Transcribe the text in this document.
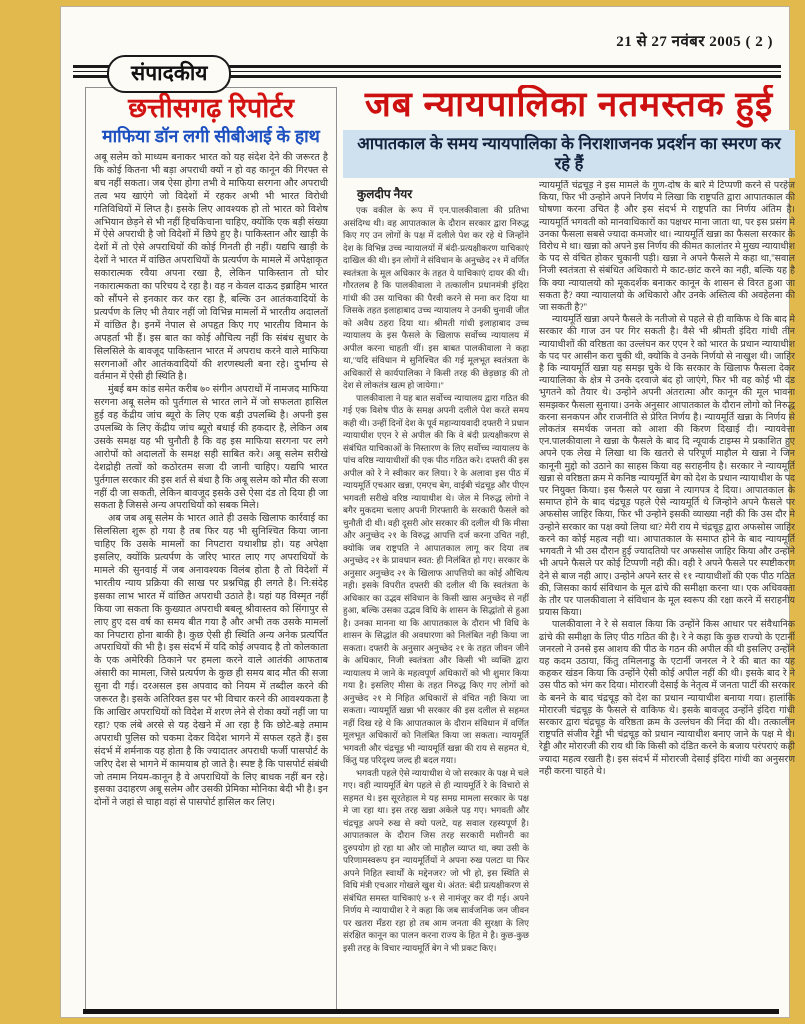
21 से 27 नवंबर 2005 ( 2 )
संपादकीय
छत्तीसगढ़ रिपोर्टर
माफिया डॉन लगी सीबीआई के हाथ

अबू सलेम को माध्यम बनाकर भारत को यह संदेश देने की जरूरत है कि कोई कितना भी बड़ा अपराधी क्यों न हो वह कानून की गिरफ्त से बच नहीं सकता। जब ऐसा होगा तभी वे माफिया सरगना और अपराधी तत्व भय खाएंगे जो विदेशों में रहकर अभी भी भारत विरोधी गतिविधियों में लिप्त है। इसके लिए आवश्यक हो तो भारत को विशेष अभियान छेड़ने से भी नहीं हिचकिचाना चाहिए, क्योंकि एक बड़ी संख्या में ऐसे अपराधी है जो विदेशों में छिपे हुए है। पाकिस्तान और खाड़ी के देशों में तो ऐसे अपराधियों की कोई गिनती ही नहीं। यद्यपि खाड़ी के देशों ने भारत में वांछित अपराधियों के प्रत्यर्पण के मामले में अपेक्षाकृत सकारात्मक रवैया अपना रखा है, लेकिन पाकिस्तान तो घोर नकारात्मकता का परिचय दे रहा है। वह न केवल दाऊद इब्राहिम भारत को सौंपने से इनकार कर कर रहा है, बल्कि उन आतंकवादियों के प्रत्यर्पण के लिए भी तैयार नहीं जो विभिन्न मामलों में भारतीय अदालतों में वांछित है। इनमें नेपाल से अपहृत किए गए भारतीय विमान के अपहर्ता भी हैं। इस बात का कोई औचित्य नहीं कि संबंध सुधार के सिलसिले के बावजूद पाकिस्तान भारत में अपराध करने वाले माफिया सरगनाओं और आतंकवादियों की शरणस्थली बना रहे। दुर्भाग्य से वर्तमान में ऐसी ही स्थिति है।

मुंबई बम कांड समेत करीब ७० संगीन अपराधों में नामजद माफिया सरगना अबू सलेम को पुर्तगाल से भारत लाने में जो सफलता हासिल हुई वह केंद्रीय जांच ब्यूरो के लिए एक बड़ी उपलब्धि है। अपनी इस उपलब्धि के लिए केंद्रीय जांच ब्यूरो बधाई की हकदार है, लेकिन अब उसके समक्ष यह भी चुनौती है कि वह इस माफिया सरगना पर लगे आरोपों को अदालतों के समक्ष सही साबित करे। अबू सलेम सरीखे देशद्रोही तत्वों को कठोरतम सजा दी जानी चाहिए। यद्यपि भारत पुर्तगाल सरकार की इस शर्त से बंधा है कि अबू सलेम को मौत की सजा नहीं दी जा सकती, लेकिन बावजूद इसके उसे ऐसा दंड तो दिया ही जा सकता है जिससे अन्य अपराधियों को सबक मिले।

अब जब अबू सलेम के भारत आते ही उसके खिलाफ कार्रवाई का सिलसिला शुरू हो गया है तब फिर यह भी सुनिश्चित किया जाना चाहिए कि उसके मामलों का निपटारा यथाशीघ्र हो। यह अपेक्षा इसलिए, क्योंकि प्रत्यर्पण के जरिए भारत लाए गए अपराधियों के मामले की सुनवाई में जब अनावश्यक विलंब होता है तो विदेशों में भारतीय न्याय प्रक्रिया की साख पर प्रश्नचिह्न ही लगते है। नि:संदेह इसका लाभ भारत में वांछित अपराधी उठाते है। यहां यह विस्मृत नहीं किया जा सकता कि कुख्यात अपराधी बबलू श्रीवास्तव को सिंगापुर से लाए हुए दस वर्ष का समय बीत गया है और अभी तक उसके मामलों का निपटारा होना बाकी है। कुछ ऐसी ही स्थिति अन्य अनेक प्रत्यर्पित अपराधियों की भी है। इस संदर्भ में यदि कोई अपवाद है तो कोलकाता के एक अमेरिकी ठिकाने पर हमला करने वाले आतंकी आफताब अंसारी का मामला, जिसे प्रत्यर्पण के कुछ ही समय बाद मौत की सजा सुना दी गई। दरअसल इस अपवाद को नियम में तब्दील करने की जरूरत है। इसके अतिरिक्त इस पर भी विचार करने की आवश्यकता है कि आखिर अपराधियों को विदेश में शरण लेने से रोका क्यों नहीं जा पा रहा? एक लंबे अरसे से यह देखने में आ रहा है कि छोटे-बड़े तमाम अपराधी पुलिस को चकमा देकर विदेश भागने में सफल रहते हैं। इस संदर्भ में शर्मनाक यह होता है कि ज्यादातर अपराधी फर्जी पासपोर्ट के जरिए देश से भागने में कामयाब हो जाते है। स्पष्ट है कि पासपोर्ट संबंधी जो तमाम नियम-कानून है वे अपराधियों के लिए बाधक नहीं बन रहे। इसका उदाहरण अबू सलेम और उसकी प्रेमिका मोनिका बेदी भी है। इन दोनों ने जहां से चाहा वहां से पासपोर्ट हासिल कर लिए।

जब न्यायपालिका नतमस्तक हुई
आपातकाल के समय न्यायपालिका के निराशाजनक प्रदर्शन का स्मरण कर रहे हैं
कुलदीप नैयर

एक वकील के रूप में एन.पालकीवाला की प्रतिभा असंदिग्ध थी। वह आपातकाल के दौरान सरकार द्वारा निरुद्ध किए गए उन लोगों के पक्ष में दलीले पेश कर रहे थे जिन्होंने देश के विभिन्न उच्च न्यायालयों में बंदी-प्रत्यक्षीकरण याचिकाएं दाखिल की थी। इन लोगों ने संविधान के अनुच्छेद २१ में वर्णित स्वतंत्रता के मूल अधिकार के तहत ये याचिकाएं दायर की थी। गौरतलब है कि पालकीवाला ने तत्कालीन प्रधानमंत्री इंदिरा गांधी की उस याचिका की पैरवी करने से मना कर दिया था जिसके तहत इलाहाबाद उच्च न्यायालय ने उनकी चुनावी जीत को अवैध ठहरा दिया था। श्रीमती गांधी इलाहाबाद उच्च न्यायालय के इस फैसले के खिलाफ सर्वोच्च न्यायालय में अपील करना चाहती थीं। इस बाबत पालकीवाला ने कहा था,''यदि संविधान मे सुनिश्चित की गई मूलभूत स्वतंत्रता के अधिकारों से कार्यपालिका ने किसी तरह की छेड़छाड़ की तो देश से लोकतंत्र खत्म हो जायेगा।''

पालकीवाला ने यह बात सर्वोच्च न्यायालय द्वारा गठित की गई एक विशेष पीठ के समक्ष अपनी दलीले पेश करते समय कही थी। उन्हीं दिनों देश के पूर्व महान्यायवादी दफ्तरी ने प्रधान न्यायाधीश एएन रे से अपील की कि वे बंदी प्रत्यक्षीकरण से संबंधित याचिकाओं के निस्तारण के लिए सर्वोच्च न्यायालय के पांच वरिष्ठ न्यायाधीशों की एक पीठ गठित करे। दफ्तरी की इस अपील को रे ने स्वीकार कर लिया। रे के अलावा इस पीठ में न्यायमूर्ति एचआर खन्ना, एमएच बेग, वाईबी चंद्रचूड़ और पीएन भगवती सरीखे वरिष्ठ न्यायाधीश थे। जेल मे निरुद्ध लोगो ने बगैर मुकदमा चलाए अपनी गिरफ्तारी के सरकारी फैसले को चुनौती दी थी। वही दूसरी ओर सरकार की दलील थी कि मीसा और अनुच्छेद २१ के विरुद्ध आपत्ति दर्ज करना उचित नही, क्योकि जब राष्ट्रपति ने आपातकाल लागू कर दिया तब अनुच्छेद २१ के प्रावधान स्वत: ही निलंबित हो गए। सरकार के अनुसार अनुच्छेद २१ के खिलाफ आपत्तियो का कोई औचित्य नही। इसके विपरीत दफ्तरी की दलील थी कि स्वतंत्रता के अधिकार का उद्भव संविधान के किसी खास अनुच्छेद से नहीं हुआ, बल्कि उसका उद्भव विधि के शासन के सिद्धांतो से हुआ है। उनका मानना था कि आपातकाल के दौरान भी विधि के शासन के सिद्धांत की अवधारणा को निलंबित नही किया जा सकता। दफ्तरी के अनुसार अनुच्छेद २१ के तहत जीवन जीने के अधिकार, निजी स्वतंत्रता और किसी भी व्यक्ति द्वारा न्यायालय मे जाने के महत्वपूर्ण अधिकारों को भी शुमार किया गया है। इसलिए मीसा के तहत निरुद्ध किए गए लोगों को अनुच्छेद २१ मे निहित अधिकारों से वंचित नही किया जा सकता। न्यायमूर्ति खन्ना भी सरकार की इस दलील से सहमत नहीं दिख रहे थे कि आपातकाल के दौरान संविधान में वर्णित मूलभूत अधिकारों को निलंबित किया जा सकता। न्यायमूर्ति भगवती और चंद्रचूड़ भी न्यायमूर्ति खन्ना की राय से सहमत थे, किंतु यह परिदृश्य जल्द ही बदल गया।

भगवती पहले ऐसे न्यायाधीश थे जो सरकार के पक्ष मे चले गए। वही न्यायमूर्ति बेग पहले से ही न्यायमूर्ति रे के विचारो से सहमत थे। इस सूरतेहाल मे यह समग्र मामला सरकार के पक्ष मे जा रहा था। इस तरह खन्ना अकेले पड़ गए। भगवती और चंद्रचूड़ अपने रुख से क्यो पलटे, यह सवाल रहस्यपूर्ण है। आपातकाल के दौरान जिस तरह सरकारी मशीनरी का दुरुपयोग हो रहा था और जो माहौल व्याप्त था, क्या उसी के परिणामस्वरूप इन न्यायमूर्तियों ने अपना रुख पलटा या फिर अपने निहित स्वार्थों के मद्देनजर? जो भी हो, इस स्थिति से विधि मंत्री एचआर गोखले खुश थे। अंतत: बंदी प्रत्यक्षीकरण से संबंधित समस्त याचिकाएं ४-१ से नामंजूर कर दी गई। अपने निर्णय मे न्यायाधीश रे ने कहा कि जब सार्वजनिक जन जीवन पर खतरा मँडरा रहा हो तब आम जनता की सुरक्षा के लिए संरक्षित कानून का पालन करना राज्य के हित मे है। कुछ-कुछ इसी तरह के विचार न्यायमूर्ति बेग ने भी प्रकट किए।

न्यायमूर्ति चंद्रचूड़ ने इस मामले के गुण-दोष के बारे मे टिप्पणी करने से परहेज किया, फिर भी उन्होने अपने निर्णय मे लिखा कि राष्ट्रपति द्वारा आपातकाल की घोषणा करना उचित है और इस संदर्भ मे राष्ट्रपति का निर्णय अंतिम है। न्यायमूर्ति भगवती को मानवाधिकारों का पक्षधर माना जाता था, पर इस प्रसंग मे उनका फैसला सबसे ज्यादा कमजोर था। न्यायमूर्ति खन्ना का फैसला सरकार के विरोध मे था। खन्ना को अपने इस निर्णय की कीमत कालांतर मे मुख्य न्यायाधीश के पद से वंचित होकर चुकानी पड़ी। खन्ना ने अपने फैसले मे कहा था,''सवाल निजी स्वतंत्रता से संबंधित अधिकारो मे काट-छांट करने का नही, बल्कि यह है कि क्या न्यायालयो को मूकदर्शक बनाकर कानून के शासन से विरत हुआ जा सकता है? क्या न्यायालयो के अधिकारो और उनके अस्तित्व की अवहेलना की जा सकती है?''

न्यायमूर्ति खन्ना अपने फैसले के नतीजो से पहले से ही वाकिफ थे कि बाद मे सरकार की गाज उन पर गिर सकती है। वैसे भी श्रीमती इंदिरा गांधी तीन न्यायाधीशों की वरिष्ठता का उल्लंघन कर एएन रे को भारत के प्रधान न्यायाधीश के पद पर आसीन करा चुकी थी, क्योकि वे उनके निर्णयो से नाखुश थी। जाहिर है कि न्यायमूर्ति खन्ना यह समझ चुके थे कि सरकार के खिलाफ फैसला देकर न्यायालिका के क्षेत्र मे उनके दरवाजे बंद हो जाएंगे, फिर भी वह कोई भी दंड भुगतने को तैयार थे। उन्होने अपनी अंतरात्मा और कानून की मूल भावना समझकर फैसला सुनाया। उनके अनुसार आपातकाल के दौरान लोगो को निरुद्ध करना सनकपन और राजनीति से प्रेरित निर्णय है। न्यायमूर्ति खन्ना के निर्णय से लोकतंत्र समर्थक जनता को आशा की किरण दिखाई दी। न्यायवेत्ता एन.पालकीवाला ने खन्ना के फैसले के बाद दि न्यूयार्क टाइम्स मे प्रकाशित हुए अपने एक लेख मे लिखा था कि खतरो से परिपूर्ण माहौल मे खन्ना ने जिन कानूनी मुद्दो को उठाने का साहस किया वह सराहनीय है। सरकार ने न्यायमूर्ति खन्ना से वरिष्ठता क्रम मे कनिष्ठ न्यायमूर्ति बेग को देश के प्रधान न्यायाधीश के पद पर नियुक्त किया। इस फैसले पर खन्ना ने त्यागपत्र दे दिया। आपातकाल के समाप्त होने के बाद चंद्रचूड़ पहले ऐसे न्यायमूर्ति थे जिन्होने अपने फैसले पर अफसोस जाहिर किया, फिर भी उन्होने इसकी व्याख्या नही की कि उस दौर मे उन्होने सरकार का पक्ष क्यो लिया था? मेरी राय मे चंद्रचूड़ द्वारा अफसोस जाहिर करने का कोई महत्व नही था। आपातकाल के समाप्त होने के बाद न्यायमूर्ति भगवती ने भी उस दौरान हुई ज्यादतियो पर अफसोस जाहिर किया और उन्होने भी अपने फैसले पर कोई टिप्पणी नही की। वही रे अपने फैसले पर स्पष्टीकरण देने से बाज नही आए। उन्होने अपने स्तर से ११ न्यायाधीशों की एक पीठ गठित की, जिसका कार्य संविधान के मूल ढांचे की समीक्षा करना था। एक अधिवक्ता के तौर पर पालकीवाला ने संविधान के मूल स्वरूप की रक्षा करने में सराहनीय प्रयास किया।

पालकीवाला ने रे से सवाल किया कि उन्होंने किस आधार पर संवैधानिक ढांचे की समीक्षा के लिए पीठ गठित की है। रे ने कहा कि कुछ राज्यो के एटार्नी जनरलो ने उनसे इस आशय की पीठ के गठन की अपील की थी इसलिए उन्होंने यह कदम उठाया, किंतु तमिलनाडु के एटार्नी जनरल ने रे की बात का यह कहकर खंडन किया कि उन्होंने ऐसी कोई अपील नहीं की थी। इसके बाद रे ने उस पीठ को भंग कर दिया। मोरारजी देसाई के नेतृत्व में जनता पार्टी की सरकार के बनने के बाद चंद्रचूड़ को देश का प्रधान न्यायाधीश बनाया गया। हालांकि मोरारजी चंद्रचूड़ के फैसले से वाकिफ थे। इसके बावजूद उन्होंने इंदिरा गांधी सरकार द्वारा चंद्रचूड़ के वरिष्ठता क्रम के उल्लंघन की निंदा की थी। तत्कालीन राष्ट्रपति संजीव रेड्डी भी चंद्रचूड़ को प्रधान न्यायाधीश बनाए जाने के पक्ष मे थे। रेड्डी और मोरारजी की राय थी कि किसी को दंडित करने के बजाय परंपराएं कही ज्यादा महत्व रखती है। इस संदर्भ में मोरारजी देसाई इंदिरा गांधी का अनुसरण नही करना चाहते थे।
